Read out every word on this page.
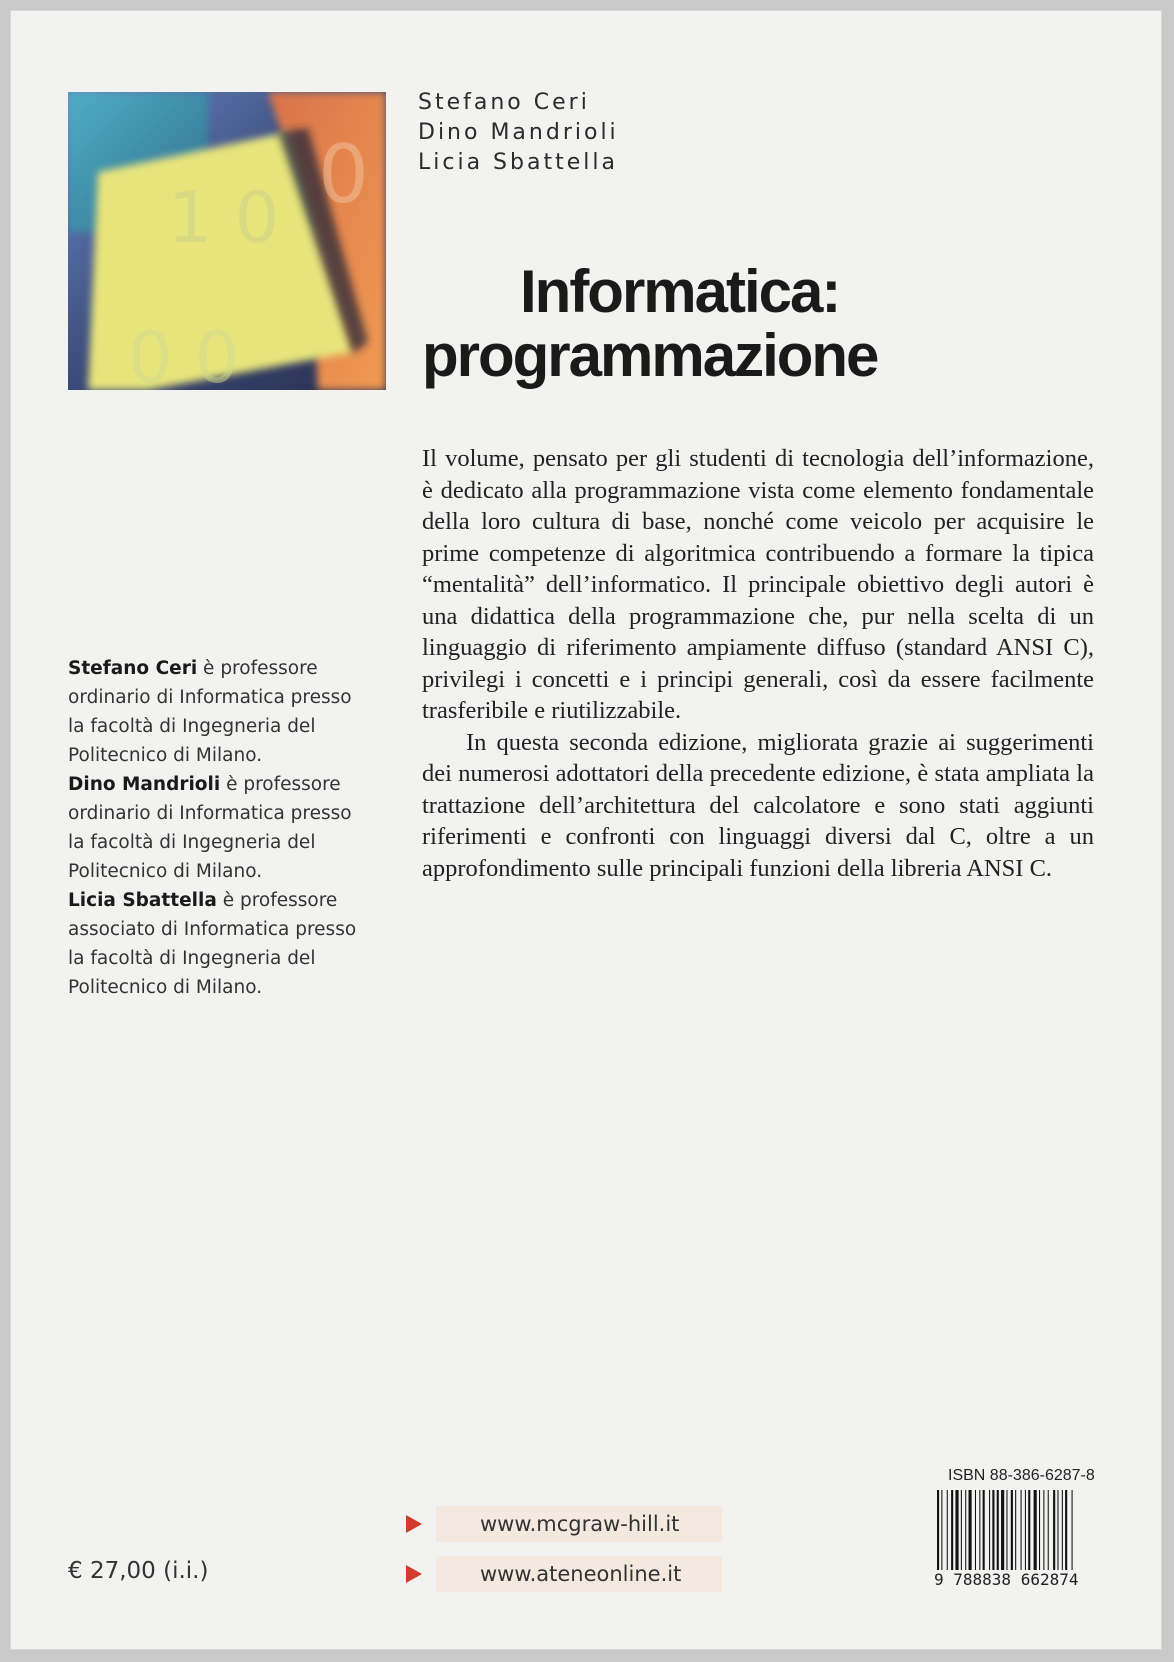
0
1 0
0 0
Stefano Ceri
Dino Mandrioli
Licia Sbattella
Informatica:
programmazione

Il volume, pensato per gli studenti di tecnologia dell’informazione, è dedicato alla programmazione vista come elemento fondamentale della loro cultura di base, nonché come veicolo per acquisire le prime competenze di algoritmica contribuendo a formare la tipica “mentalità” dell’informatico. Il principale obiettivo degli autori è una didattica della programmazione che, pur nella scelta di un linguaggio di riferimento ampiamente diffuso (standard ANSI C), privilegi i concetti e i principi generali, così da essere facilmente trasferibile e riutilizzabile.

In questa seconda edizione, migliorata grazie ai suggerimenti dei numerosi adottatori della precedente edizione, è stata ampliata la trattazione dell’architettura del calcolatore e sono stati aggiunti riferimenti e confronti con linguaggi diversi dal C, oltre a un approfondimento sulle principali funzioni della libreria ANSI C.

Stefano Ceri è professore ordinario di Informatica presso la facoltà di Ingegneria del Politecnico di Milano.

Dino Mandrioli è professore ordinario di Informatica presso la facoltà di Ingegneria del Politecnico di Milano.

Licia Sbattella è professore associato di Informatica presso la facoltà di Ingegneria del Politecnico di Milano.

www.mcgraw-hill.it
www.ateneonline.it
€ 27,00 (i.i.)
ISBN 88-386-6287-8
9 788838 662874
